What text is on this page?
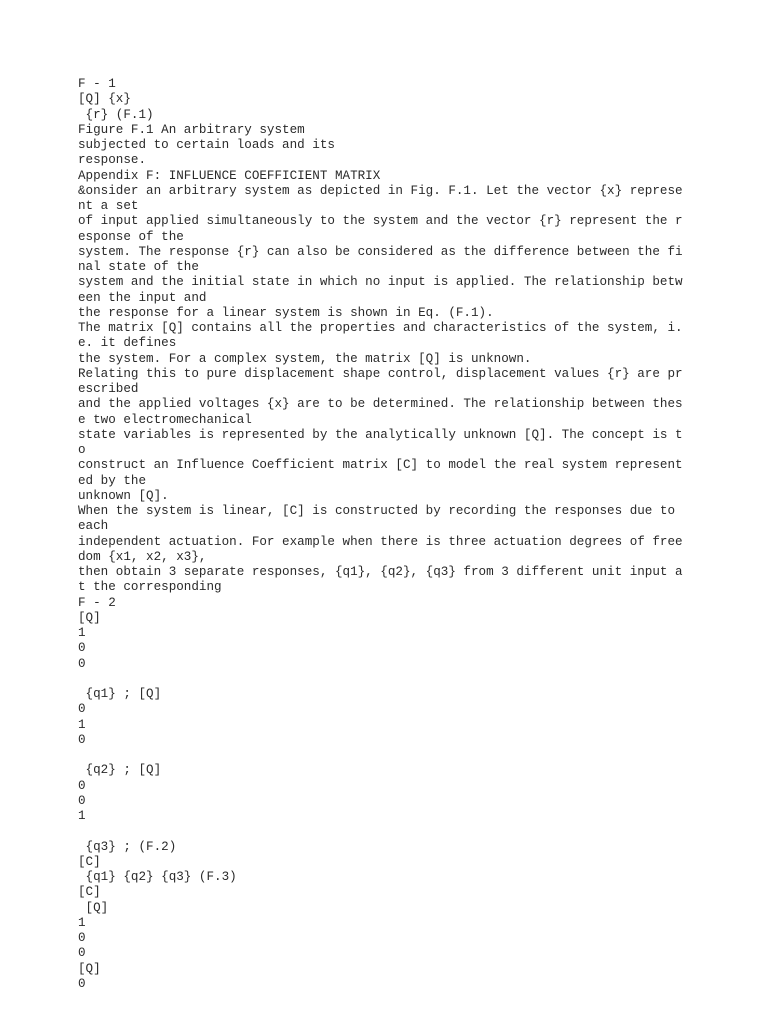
F - 1
[Q] {x}
{r} (F.1)
Figure F.1 An arbitrary system
subjected to certain loads and its
response.
Appendix F: INFLUENCE COEFFICIENT MATRIX
&onsider an arbitrary system as depicted in Fig. F.1. Let the vector {x} represe
nt a set
of input applied simultaneously to the system and the vector {r} represent the r
esponse of the
system. The response {r} can also be considered as the difference between the fi
nal state of the
system and the initial state in which no input is applied. The relationship betw
een the input and
the response for a linear system is shown in Eq. (F.1).
The matrix [Q] contains all the properties and characteristics of the system, i.
e. it defines
the system. For a complex system, the matrix [Q] is unknown.
Relating this to pure displacement shape control, displacement values {r} are pr
escribed
and the applied voltages {x} are to be determined. The relationship between thes
e two electromechanical
state variables is represented by the analytically unknown [Q]. The concept is t
o
construct an Influence Coefficient matrix [C] to model the real system represent
ed by the
unknown [Q].
When the system is linear, [C] is constructed by recording the responses due to
each
independent actuation. For example when there is three actuation degrees of free
dom {x1, x2, x3},
then obtain 3 separate responses, {q1}, {q2}, {q3} from 3 different unit input a
t the corresponding
F - 2
[Q]
1
0
0
{q1} ; [Q]
0
1
0
{q2} ; [Q]
0
0
1
{q3} ; (F.2)
[C]
{q1} {q2} {q3} (F.3)
[C]
[Q]
1
0
0
[Q]
0
